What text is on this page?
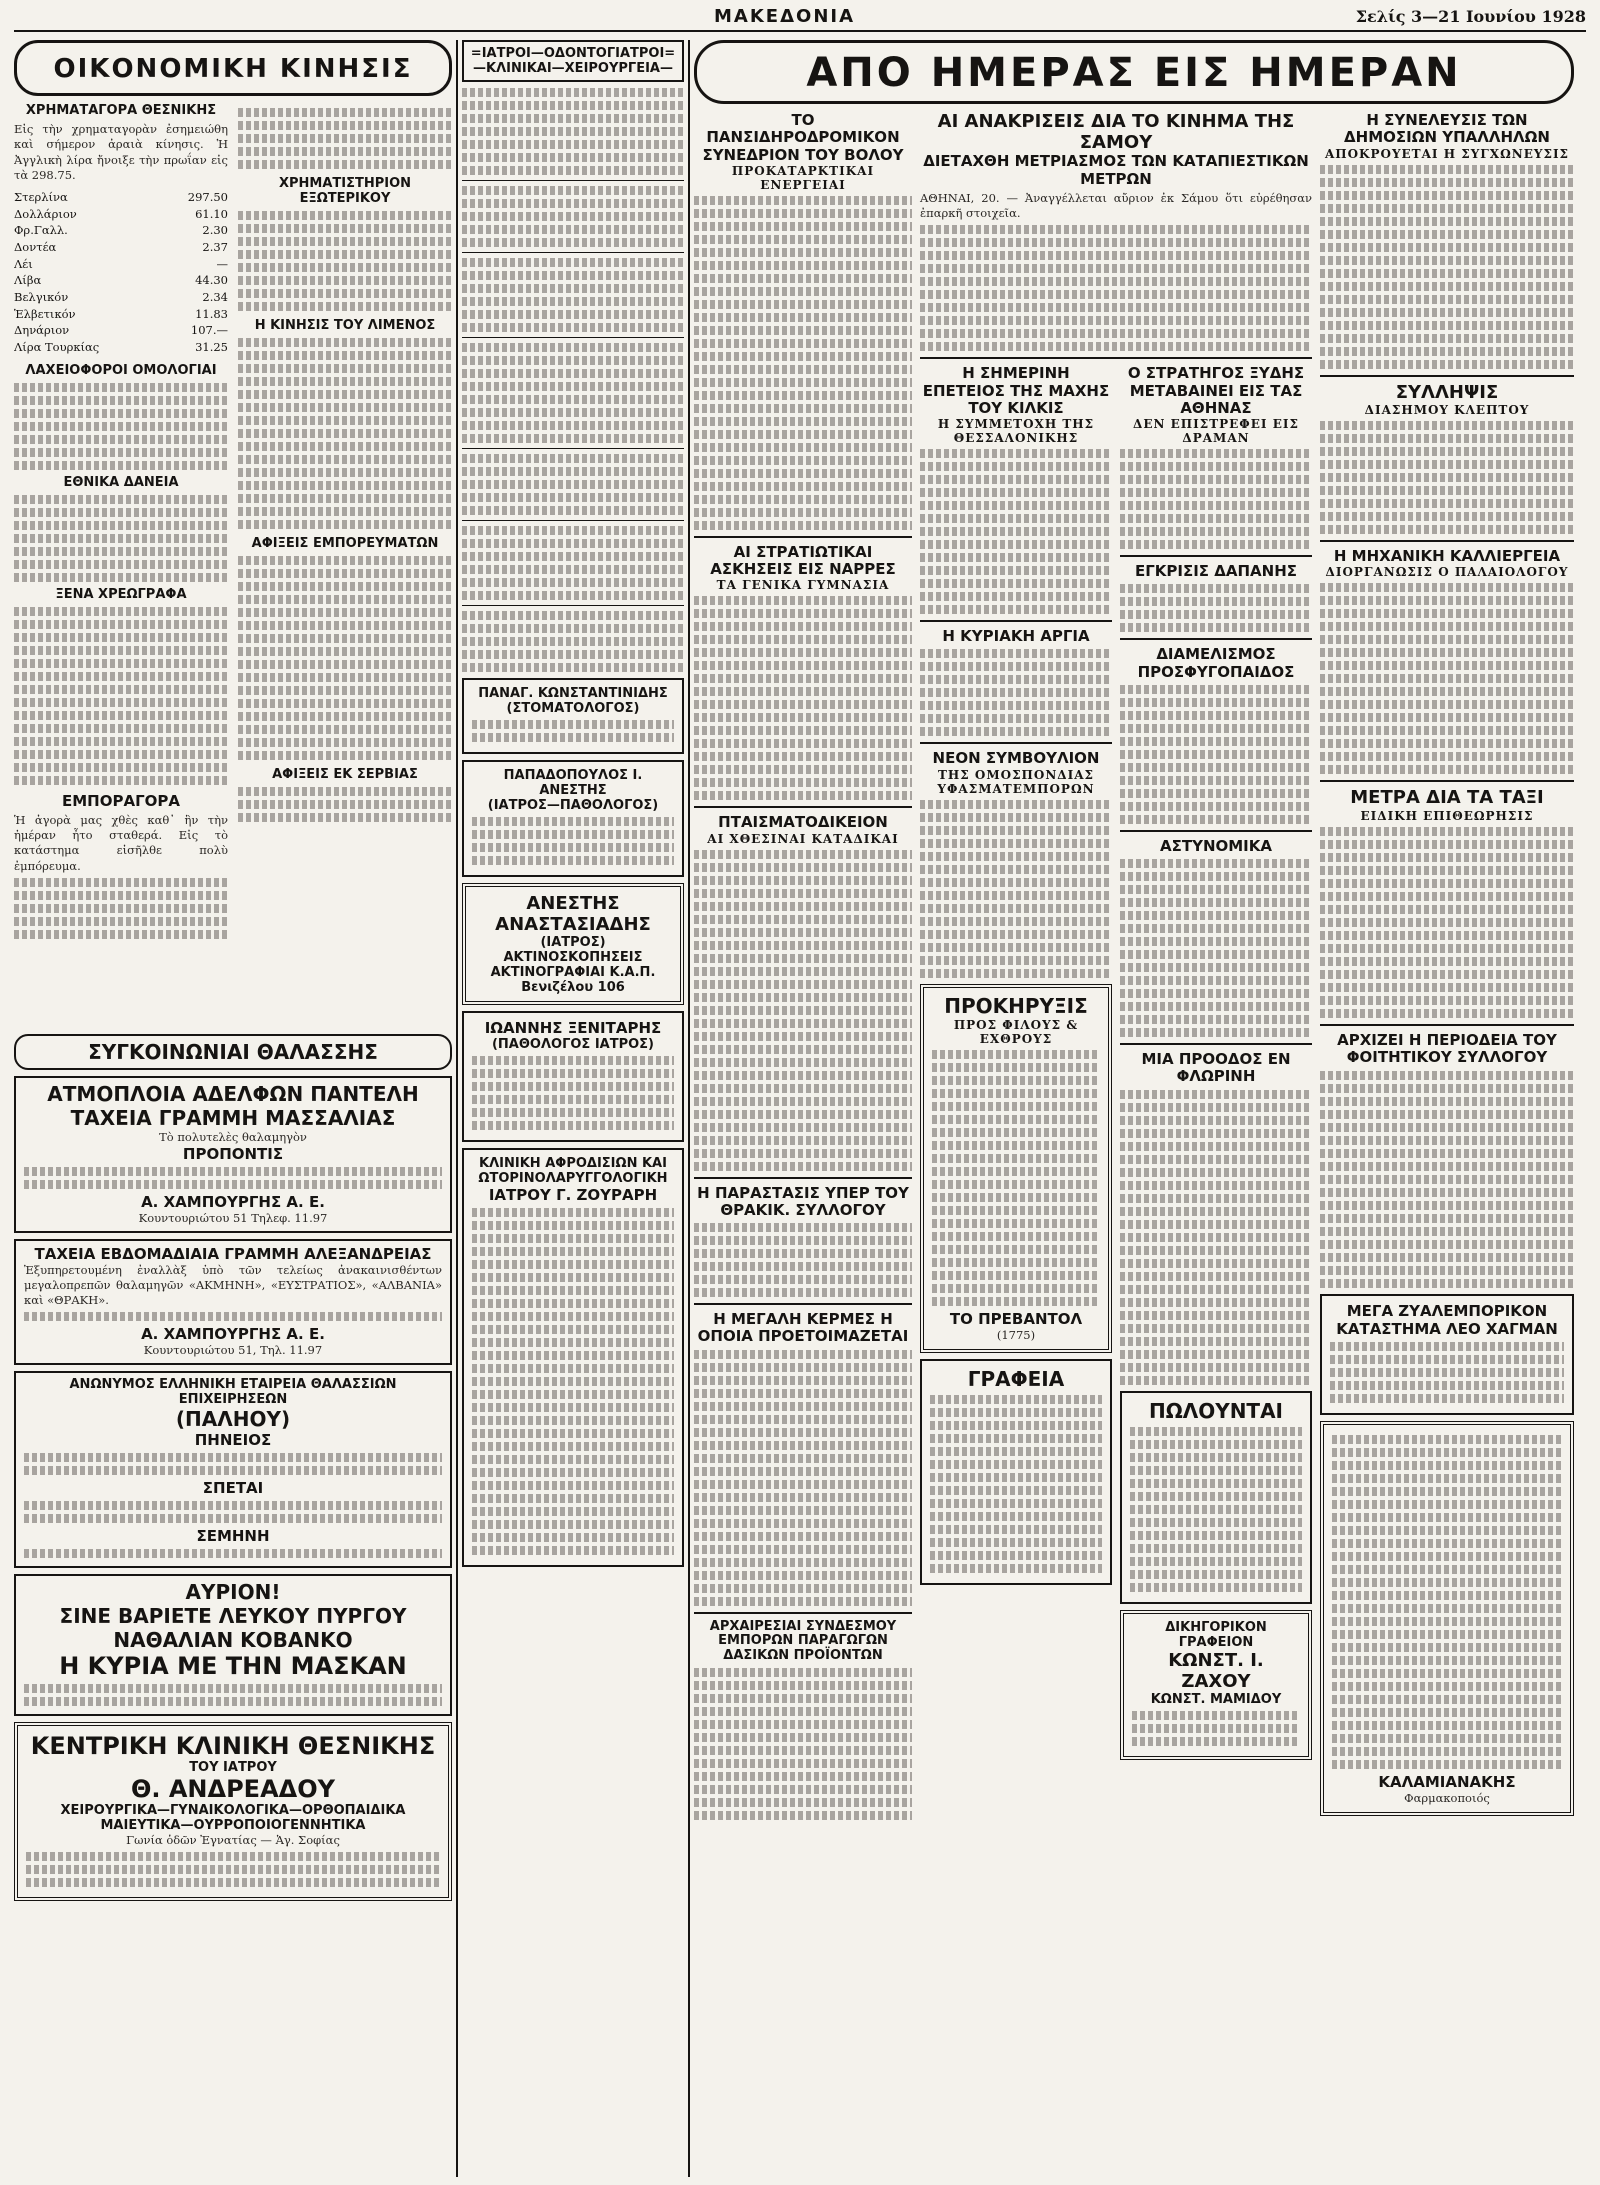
ΜΑΚΕΔΟΝΙΑ	Σελίς 3—21 Ιουνίου 1928
ΟΙΚΟΝΟΜΙΚΗ ΚΙΝΗΣΙΣ
ΧΡΗΜΑΤΑΓΟΡΑ ΘΕΣΝΙΚΗΣ
Εἰς τὴν χρηματαγορὰν ἐσημειώθη καὶ σήμερον ἀραιὰ κίνησις. Ἡ Ἀγγλικὴ λίρα ἤνοιξε τὴν πρωΐαν εἰς τὰ 298.75.
Στερλίνα	297.50
Δολλάριον	61.10
Φρ.Γαλλ.	2.30
Δοντέα	2.37
Λέι	—
Λίβα	44.30
Βελγικόν	2.34
Ἑλβετικόν	11.83
Δηνάριον	107.—
Λίρα Τουρκίας	31.25
ΛΑΧΕΙΟΦΟΡΟΙ ΟΜΟΛΟΓΙΑΙ
ΕΘΝΙΚΑ ΔΑΝΕΙΑ
ΞΕΝΑ ΧΡΕΩΓΡΑΦΑ
ΕΜΠΟΡΑΓΟΡΑ
Ἡ ἀγορὰ μας χθὲς καθ᾽ ἣν τὴν ἡμέραν ἦτο σταθερά. Εἰς τὸ κατάστημα εἰσῆλθε πολὺ ἐμπόρευμα.
ΧΡΗΜΑΤΙΣΤΗΡΙΟΝ ΕΞΩΤΕΡΙΚΟΥ
Η ΚΙΝΗΣΙΣ ΤΟΥ ΛΙΜΕΝΟΣ
ΑΦΙΞΕΙΣ ΕΜΠΟΡΕΥΜΑΤΩΝ
ΑΦΙΞΕΙΣ ΕΚ ΣΕΡΒΙΑΣ
ΣΥΓΚΟΙΝΩΝΙΑΙ ΘΑΛΑΣΣΗΣ
ΑΤΜΟΠΛΟΙΑ ΑΔΕΛΦΩΝ ΠΑΝΤΕΛΗ
ΤΑΧΕΙΑ ΓΡΑΜΜΗ ΜΑΣΣΑΛΙΑΣ
Τὸ πολυτελὲς θαλαμηγὸν
ΠΡΟΠΟΝΤΙΣ
Α. ΧΑΜΠΟΥΡΓΗΣ Α. Ε.
Κουντουριώτου 51 Τηλεφ. 11.97
ΤΑΧΕΙΑ ΕΒΔΟΜΑΔΙΑΙΑ ΓΡΑΜΜΗ ΑΛΕΞΑΝΔΡΕΙΑΣ
Ἐξυπηρετουμένη ἐναλλὰξ ὑπὸ τῶν τελείως ἀνακαινισθέντων μεγαλοπρεπῶν θαλαμηγῶν «ΑΚΜΗΝΗ», «ΕΥΣΤΡΑΤΙΟΣ», «ΑΛΒΑΝΙΑ» καὶ «ΘΡΑΚΗ».
Α. ΧΑΜΠΟΥΡΓΗΣ Α. Ε.
Κουντουριώτου 51, Τηλ. 11.97
ΑΝΩΝΥΜΟΣ ΕΛΛΗΝΙΚΗ ΕΤΑΙΡΕΙΑ ΘΑΛΑΣΣΙΩΝ ΕΠΙΧΕΙΡΗΣΕΩΝ
(ΠΑΛΗΟΥ)
ΠΗΝΕΙΟΣ
ΣΠΕΤΑΙ
ΣΕΜΗΝΗ
ΑΥΡΙΟΝ!
ΣΙΝΕ ΒΑΡΙΕΤΕ ΛΕΥΚΟΥ ΠΥΡΓΟΥ
ΝΑΘΑΛΙΑΝ ΚΟΒΑΝΚΟ
Η ΚΥΡΙΑ ΜΕ ΤΗΝ ΜΑΣΚΑΝ
ΚΕΝΤΡΙΚΗ ΚΛΙΝΙΚΗ ΘΕΣΝΙΚΗΣ
ΤΟΥ ΙΑΤΡΟΥ
Θ. ΑΝΔΡΕΑΔΟΥ
ΧΕΙΡΟΥΡΓΙΚΑ—ΓΥΝΑΙΚΟΛΟΓΙΚΑ—ΟΡΘΟΠΑΙΔΙΚΑ
ΜΑΙΕΥΤΙΚΑ—ΟΥΡΡΟΠΟΙΟΓΕΝΝΗΤΙΚΑ
Γωνία ὁδῶν Ἐγνατίας — Ἁγ. Σοφίας
=ΙΑΤΡΟΙ—ΟΔΟΝΤΟΓΙΑΤΡΟΙ= —ΚΛΙΝΙΚΑΙ—ΧΕΙΡΟΥΡΓΕΙΑ—
ΠΑΝΑΓ. ΚΩΝΣΤΑΝΤΙΝΙΔΗΣ
(ΣΤΟΜΑΤΟΛΟΓΟΣ)
ΠΑΠΑΔΟΠΟΥΛΟΣ Ι. ΑΝΕΣΤΗΣ
(ΙΑΤΡΟΣ—ΠΑΘΟΛΟΓΟΣ)
ΑΝΕΣΤΗΣ ΑΝΑΣΤΑΣΙΑΔΗΣ
(ΙΑΤΡΟΣ)
ΑΚΤΙΝΟΣΚΟΠΗΣΕΙΣ
ΑΚΤΙΝΟΓΡΑΦΙΑΙ Κ.Α.Π.
Βενιζέλου 106
ΙΩΑΝΝΗΣ ΞΕΝΙΤΑΡΗΣ
(ΠΑΘΟΛΟΓΟΣ ΙΑΤΡΟΣ)
ΚΛΙΝΙΚΗ ΑΦΡΟΔΙΣΙΩΝ ΚΑΙ ΩΤΟΡΙΝΟΛΑΡΥΓΓΟΛΟΓΙΚΗ
ΙΑΤΡΟΥ Γ. ΖΟΥΡΑΡΗ
ΑΠΟ ΗΜΕΡΑΣ ΕΙΣ ΗΜΕΡΑΝ
ΤΟ ΠΑΝΣΙΔΗΡΟΔΡΟΜΙΚΟΝ ΣΥΝΕΔΡΙΟΝ ΤΟΥ ΒΟΛΟΥ
ΠΡΟΚΑΤΑΡΚΤΙΚΑΙ ΕΝΕΡΓΕΙΑΙ
ΑΙ ΣΤΡΑΤΙΩΤΙΚΑΙ ΑΣΚΗΣΕΙΣ ΕΙΣ ΝΑΡΡΕΣ
ΤΑ ΓΕΝΙΚΑ ΓΥΜΝΑΣΙΑ
ΠΤΑΙΣΜΑΤΟΔΙΚΕΙΟΝ
ΑΙ ΧΘΕΣΙΝΑΙ ΚΑΤΑΔΙΚΑΙ
Η ΠΑΡΑΣΤΑΣΙΣ ΥΠΕΡ ΤΟΥ ΘΡΑΚΙΚ. ΣΥΛΛΟΓΟΥ
Η ΜΕΓΑΛΗ ΚΕΡΜΕΣ Η ΟΠΟΙΑ ΠΡΟΕΤΟΙΜΑΖΕΤΑΙ
ΑΡΧΑΙΡΕΣΙΑΙ ΣΥΝΔΕΣΜΟΥ ΕΜΠΟΡΩΝ ΠΑΡΑΓΩΓΩΝ ΔΑΣΙΚΩΝ ΠΡΟΪΟΝΤΩΝ
ΑΙ ΑΝΑΚΡΙΣΕΙΣ ΔΙΑ ΤΟ ΚΙΝΗΜΑ ΤΗΣ ΣΑΜΟΥ
ΔΙΕΤΑΧΘΗ ΜΕΤΡΙΑΣΜΟΣ ΤΩΝ ΚΑΤΑΠΙΕΣΤΙΚΩΝ ΜΕΤΡΩΝ
ΑΘΗΝΑΙ, 20. — Ἀναγγέλλεται αὔριον ἐκ Σάμου ὅτι εὑρέθησαν ἐπαρκῆ στοιχεῖα.
Η ΣΗΜΕΡΙΝΗ ΕΠΕΤΕΙΟΣ ΤΗΣ ΜΑΧΗΣ ΤΟΥ ΚΙΛΚΙΣ
Η ΣΥΜΜΕΤΟΧΗ ΤΗΣ ΘΕΣΣΑΛΟΝΙΚΗΣ
Η ΚΥΡΙΑΚΗ ΑΡΓΙΑ
ΝΕΟΝ ΣΥΜΒΟΥΛΙΟΝ
ΤΗΣ ΟΜΟΣΠΟΝΔΙΑΣ ΥΦΑΣΜΑΤΕΜΠΟΡΩΝ
ΠΡΟΚΗΡΥΞΙΣ
ΠΡΟΣ ΦΙΛΟΥΣ & ΕΧΘΡΟΥΣ
ΤΟ ΠΡΕΒΑΝΤΟΛ
(1775)
ΓΡΑΦΕΙΑ
Ο ΣΤΡΑΤΗΓΟΣ ΞΥΔΗΣ ΜΕΤΑΒΑΙΝΕΙ ΕΙΣ ΤΑΣ ΑΘΗΝΑΣ
ΔΕΝ ΕΠΙΣΤΡΕΦΕΙ ΕΙΣ ΔΡΑΜΑΝ
ΕΓΚΡΙΣΙΣ ΔΑΠΑΝΗΣ
ΔΙΑΜΕΛΙΣΜΟΣ ΠΡΟΣΦΥΓΟΠΑΙΔΟΣ
ΑΣΤΥΝΟΜΙΚΑ
ΜΙΑ ΠΡΟΟΔΟΣ ΕΝ ΦΛΩΡΙΝΗ
ΠΩΛΟΥΝΤΑΙ
ΔΙΚΗΓΟΡΙΚΟΝ ΓΡΑΦΕΙΟΝ
ΚΩΝΣΤ. Ι. ΖΑΧΟΥ
ΚΩΝΣΤ. ΜΑΜΙΔΟΥ
Η ΣΥΝΕΛΕΥΣΙΣ ΤΩΝ ΔΗΜΟΣΙΩΝ ΥΠΑΛΛΗΛΩΝ
ΑΠΟΚΡΟΥΕΤΑΙ Η ΣΥΓΧΩΝΕΥΣΙΣ
ΣΥΛΛΗΨΙΣ
ΔΙΑΣΗΜΟΥ ΚΛΕΠΤΟΥ
Η ΜΗΧΑΝΙΚΗ ΚΑΛΛΙΕΡΓΕΙΑ
ΔΙΟΡΓΑΝΩΣΙΣ Ο ΠΑΛΑΙΟΛΟΓΟΥ
ΜΕΤΡΑ ΔΙΑ ΤΑ ΤΑΞΙ
ΕΙΔΙΚΗ ΕΠΙΘΕΩΡΗΣΙΣ
ΑΡΧΙΖΕΙ Η ΠΕΡΙΟΔΕΙΑ ΤΟΥ ΦΟΙΤΗΤΙΚΟΥ ΣΥΛΛΟΓΟΥ
ΜΕΓΑ ΖΥΑΛΕΜΠΟΡΙΚΟΝ ΚΑΤΑΣΤΗΜΑ ΛΕΟ ΧΑΓΜΑΝ
ΚΑΛΑΜΙΑΝΑΚΗΣ
Φαρμακοποιός
